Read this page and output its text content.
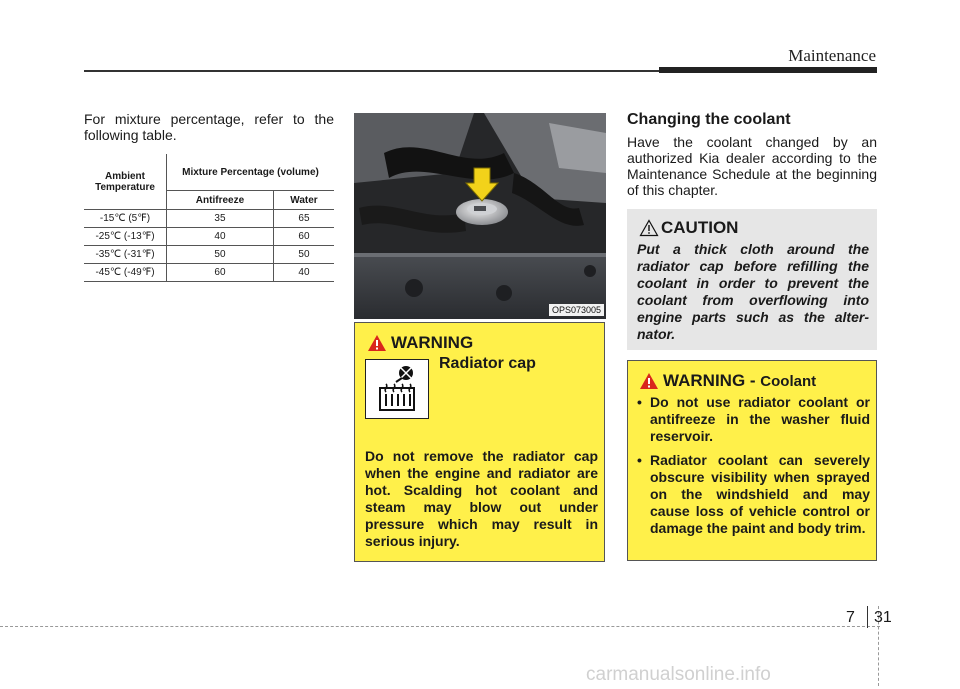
Maintenance
For mixture percentage, refer to the following table.
Ambient Temperature	Mixture Percentage (volume)	
	Antifreeze	Water
-15℃ (5℉)	35	65
-25℃ (-13℉)	40	60
-35℃ (-31℉)	50	50
-45℃ (-49℉)	60	40
OPS073005
WARNING
Radiator cap
Do not remove the radiator cap when the engine and radiator are hot. Scalding hot coolant and steam may blow out under pressure which may result in serious injury.
Changing the coolant
Have the coolant changed by an authorized Kia dealer according to the Maintenance Schedule at the beginning of this chapter.
CAUTION
Put a thick cloth around the radiator cap before refilling the coolant in order to prevent the coolant from overflowing into engine parts such as the alter-nator.
WARNING - Coolant
• Do not use radiator coolant or antifreeze in the washer fluid reservoir.
• Radiator coolant can severely obscure visibility when sprayed on the windshield and may cause loss of vehicle control or damage the paint and body trim.
7 31
carmanualsonline.info
